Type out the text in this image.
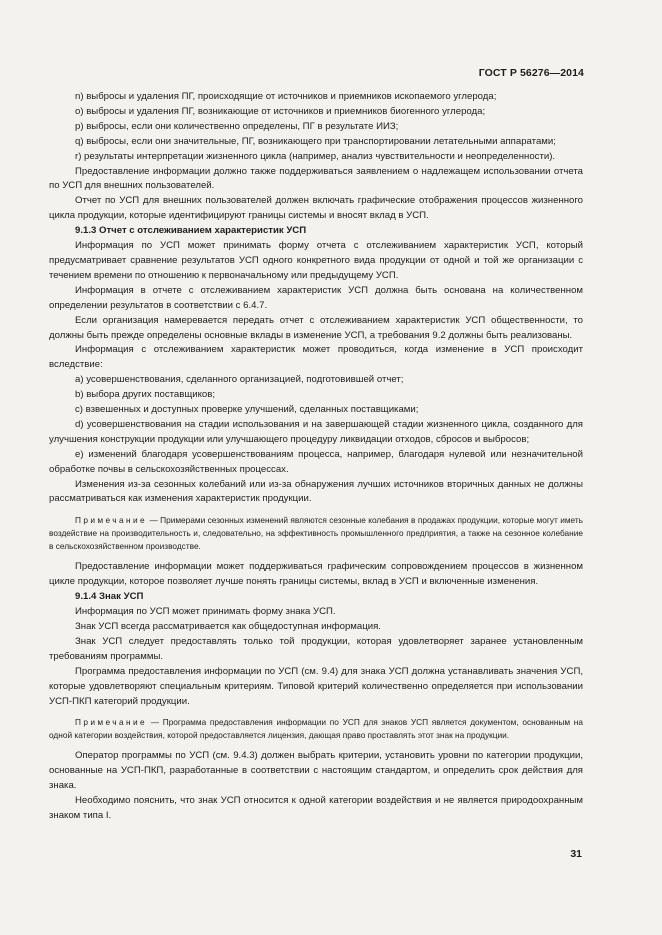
ГОСТ Р 56276—2014

n) выбросы и удаления ПГ, происходящие от источников и приемников ископаемого углерода;

o) выбросы и удаления ПГ, возникающие от источников и приемников биогенного углерода;

p) выбросы, если они количественно определены, ПГ в результате ИИЗ;

q) выбросы, если они значительные, ПГ, возникающего при транспортировании летательными аппаратами;

r) результаты интерпретации жизненного цикла (например, анализ чувствительности и неопределенности).

Предоставление информации должно также поддерживаться заявлением о надлежащем использовании отчета по УСП для внешних пользователей.

Отчет по УСП для внешних пользователей должен включать графические отображения процессов жизненного цикла продукции, которые идентифицируют границы системы и вносят вклад в УСП.

9.1.3 Отчет с отслеживанием характеристик УСП

Информация по УСП может принимать форму отчета с отслеживанием характеристик УСП, который предусматривает сравнение результатов УСП одного конкретного вида продукции от одной и той же организации с течением времени по отношению к первоначальному или предыдущему УСП.

Информация в отчете с отслеживанием характеристик УСП должна быть основана на количественном определении результатов в соответствии с 6.4.7.

Если организация намеревается передать отчет с отслеживанием характеристик УСП общественности, то должны быть прежде определены основные вклады в изменение УСП, а требования 9.2 должны быть реализованы.

Информация с отслеживанием характеристик может проводиться, когда изменение в УСП происходит вследствие:

a) усовершенствования, сделанного организацией, подготовившей отчет;

b) выбора других поставщиков;

c) взвешенных и доступных проверке улучшений, сделанных поставщиками;

d) усовершенствования на стадии использования и на завершающей стадии жизненного цикла, созданного для улучшения конструкции продукции или улучшающего процедуру ликвидации отходов, сбросов и выбросов;

e) изменений благодаря усовершенствованиям процесса, например, благодаря нулевой или незначительной обработке почвы в сельскохозяйственных процессах.

Изменения из-за сезонных колебаний или из-за обнаружения лучших источников вторичных данных не должны рассматриваться как изменения характеристик продукции.

Примечание — Примерами сезонных изменений являются сезонные колебания в продажах продукции, которые могут иметь воздействие на производительность и, следовательно, на эффективность промышленного предприятия, а также на сезонное колебание в сельскохозяйственном производстве.

Предоставление информации может поддерживаться графическим сопровождением процессов в жизненном цикле продукции, которое позволяет лучше понять границы системы, вклад в УСП и включенные изменения.

9.1.4 Знак УСП

Информация по УСП может принимать форму знака УСП.

Знак УСП всегда рассматривается как общедоступная информация.

Знак УСП следует предоставлять только той продукции, которая удовлетворяет заранее установленным требованиям программы.

Программа предоставления информации по УСП (см. 9.4) для знака УСП должна устанавливать значения УСП, которые удовлетворяют специальным критериям. Типовой критерий количественно определяется при использовании УСП-ПКП категорий продукции.

Примечание — Программа предоставления информации по УСП для знаков УСП является документом, основанным на одной категории воздействия, которой предоставляется лицензия, дающая право проставлять этот знак на продукции.

Оператор программы по УСП (см. 9.4.3) должен выбрать критерии, установить уровни по категории продукции, основанные на УСП-ПКП, разработанные в соответствии с настоящим стандартом, и определить срок действия для знака.

Необходимо пояснить, что знак УСП относится к одной категории воздействия и не является природоохранным знаком типа I.

31
